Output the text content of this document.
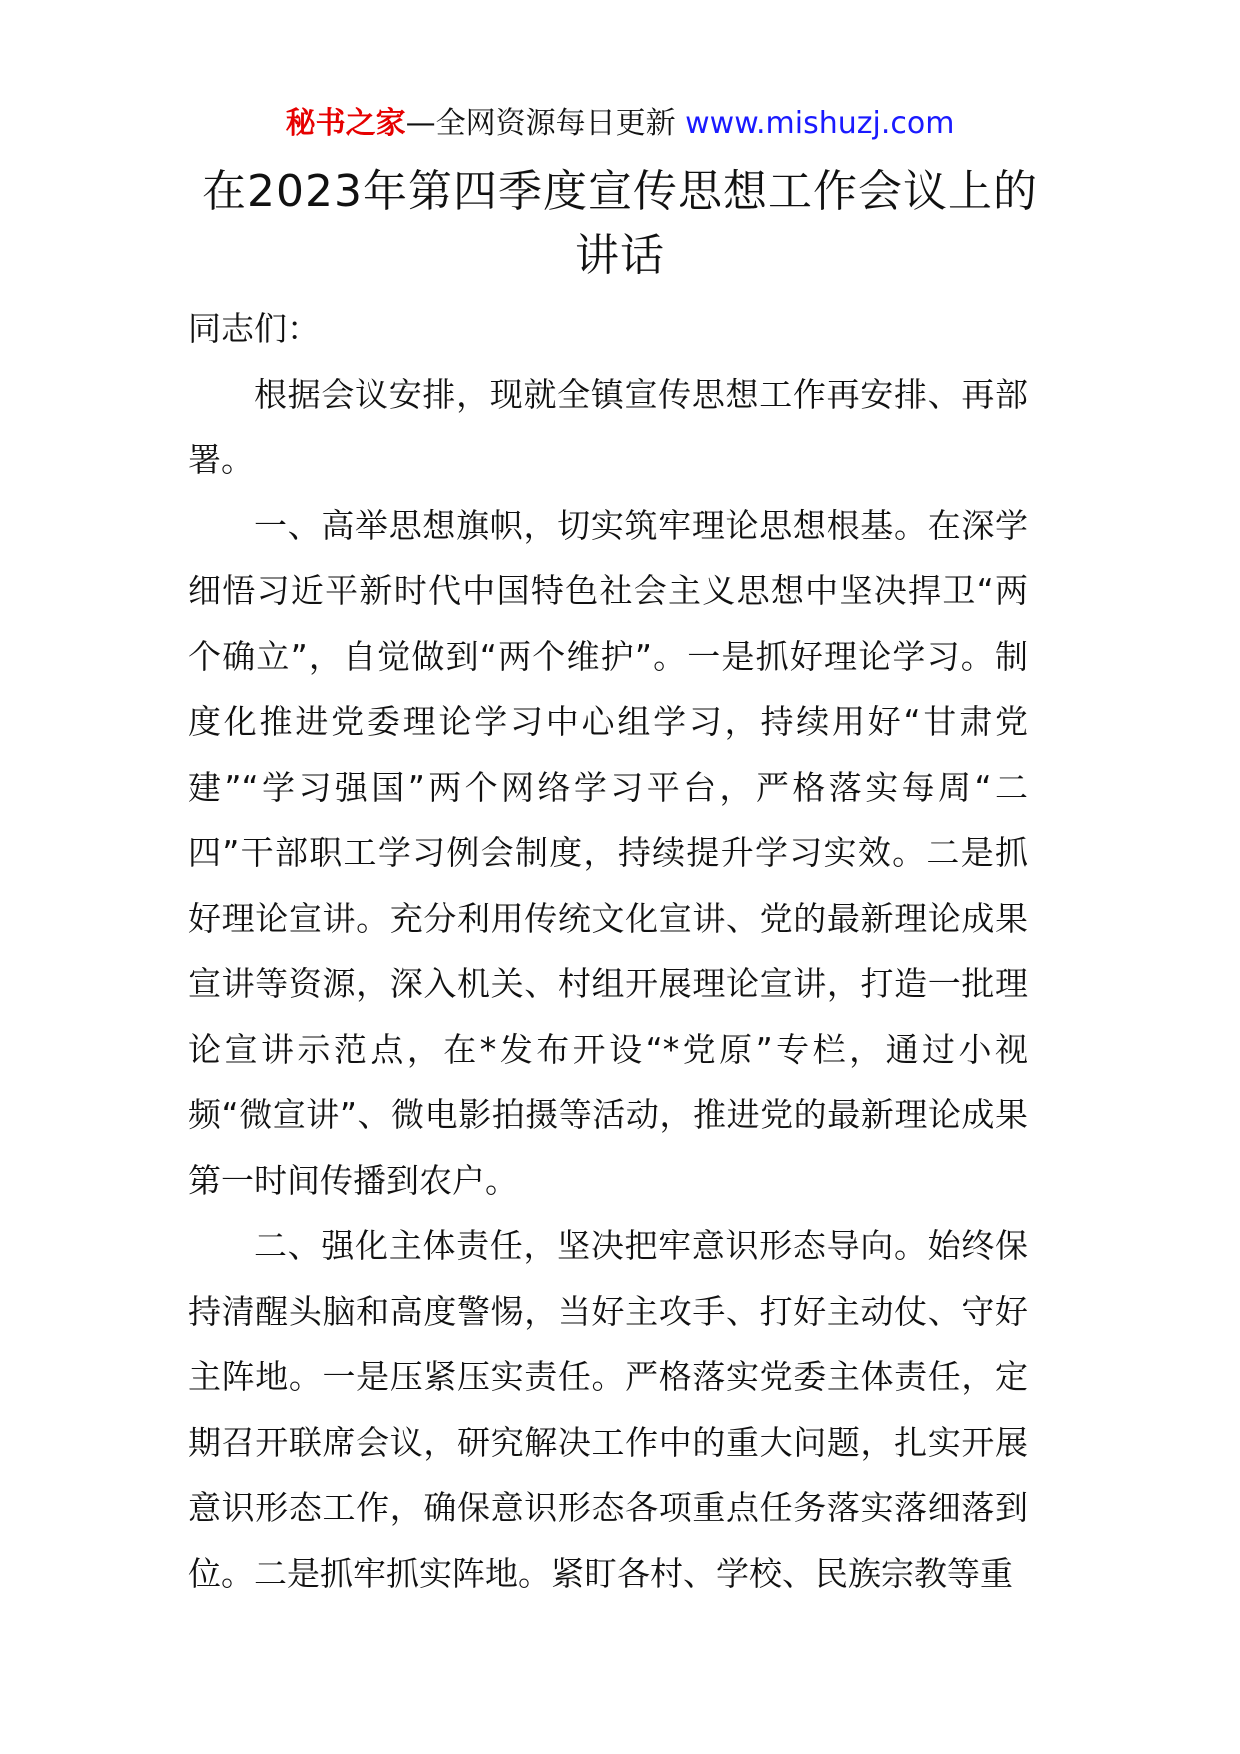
秘书之家—全网资源每日更新 www.mishuzj.com
在2023年第四季度宣传思想工作会议上的讲话

同志们：

根据会议安排，现就全镇宣传思想工作再安排、再部署。

一、高举思想旗帜，切实筑牢理论思想根基。在深学细悟习近平新时代中国特色社会主义思想中坚决捍卫“两个确立”，自觉做到“两个维护”。一是抓好理论学习。制度化推进党委理论学习中心组学习，持续用好“甘肃党建”“学习强国”两个网络学习平台，严格落实每周“二四”干部职工学习例会制度，持续提升学习实效。二是抓好理论宣讲。充分利用传统文化宣讲、党的最新理论成果宣讲等资源，深入机关、村组开展理论宣讲，打造一批理论宣讲示范点，在*发布开设“*党原”专栏，通过小视频“微宣讲”、微电影拍摄等活动，推进党的最新理论成果第一时间传播到农户。

二、强化主体责任，坚决把牢意识形态导向。始终保持清醒头脑和高度警惕，当好主攻手、打好主动仗、守好主阵地。一是压紧压实责任。严格落实党委主体责任，定期召开联席会议，研究解决工作中的重大问题，扎实开展意识形态工作，确保意识形态各项重点任务落实落细落到位。二是抓牢抓实阵地。紧盯各村、学校、民族宗教等重
